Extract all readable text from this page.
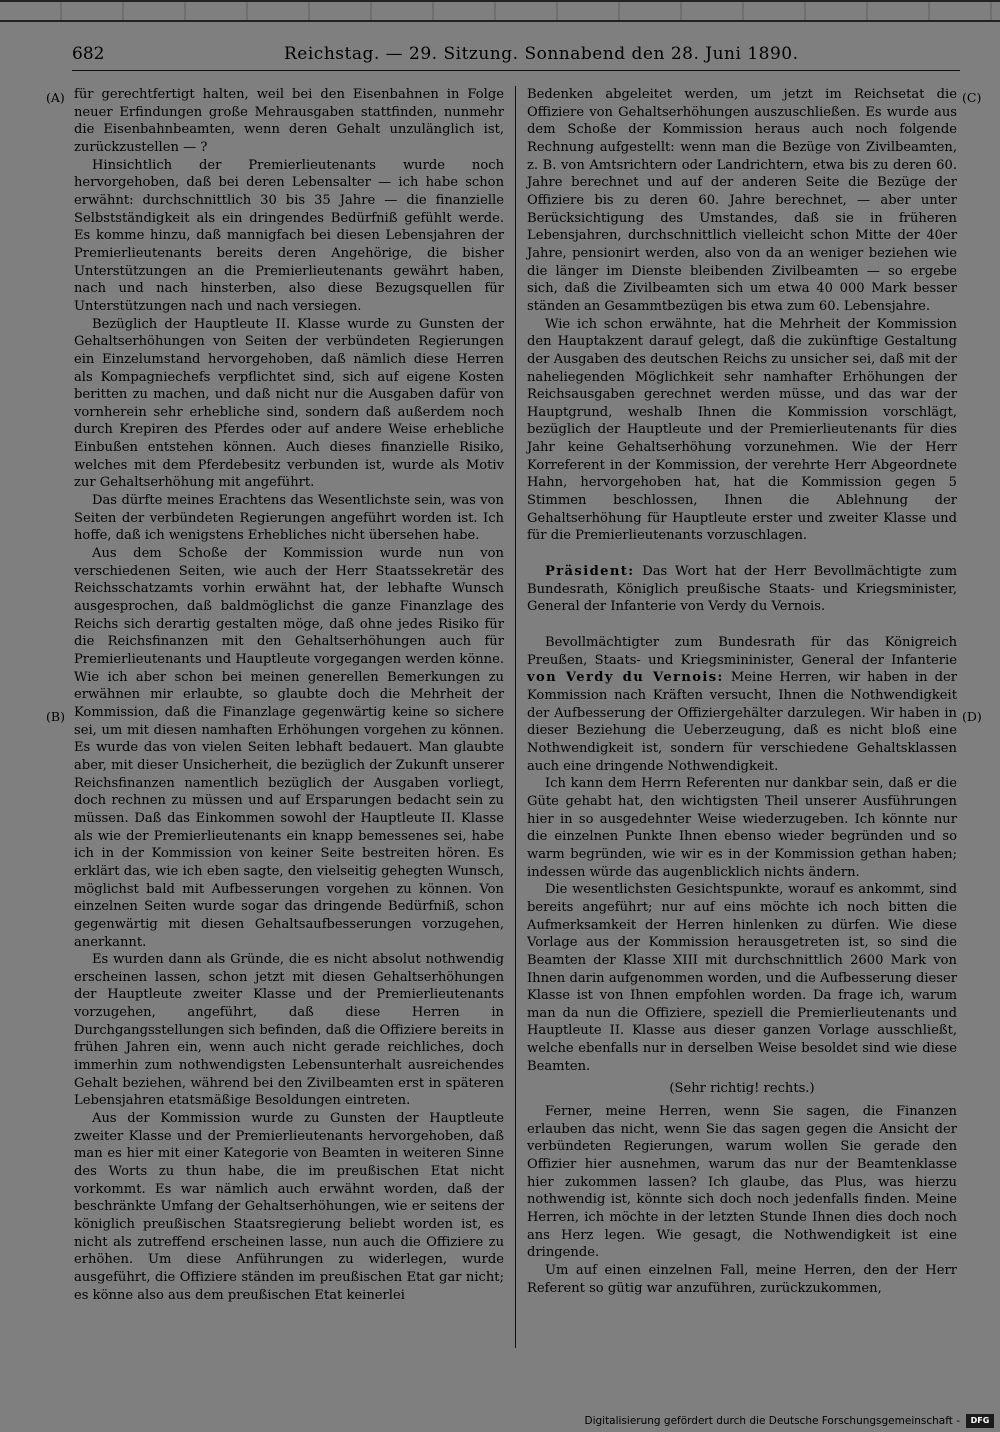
682	Reichstag. — 29. Sitzung. Sonnabend den 28. Juni 1890.
(A)
(B)
(C)
(D)

für gerechtfertigt halten, weil bei den Eisenbahnen in Folge neuer Erfindungen große Mehrausgaben stattfinden, nunmehr die Eisenbahnbeamten, wenn deren Gehalt unzulänglich ist, zurückzustellen — ?

Hinsichtlich der Premierlieutenants wurde noch hervorgehoben, daß bei deren Lebensalter — ich habe schon erwähnt: durchschnittlich 30 bis 35 Jahre — die finanzielle Selbstständigkeit als ein dringendes Bedürfniß gefühlt werde. Es komme hinzu, daß mannigfach bei diesen Lebensjahren der Premierlieutenants bereits deren Angehörige, die bisher Unterstützungen an die Premierlieutenants gewährt haben, nach und nach hinsterben, also diese Bezugsquellen für Unterstützungen nach und nach versiegen.

Bezüglich der Hauptleute II. Klasse wurde zu Gunsten der Gehaltserhöhungen von Seiten der verbündeten Regierungen ein Einzelumstand hervorgehoben, daß nämlich diese Herren als Kompagniechefs verpflichtet sind, sich auf eigene Kosten beritten zu machen, und daß nicht nur die Ausgaben dafür von vornherein sehr erhebliche sind, sondern daß außerdem noch durch Krepiren des Pferdes oder auf andere Weise erhebliche Einbußen entstehen können. Auch dieses finanzielle Risiko, welches mit dem Pferdebesitz verbunden ist, wurde als Motiv zur Gehaltserhöhung mit angeführt.

Das dürfte meines Erachtens das Wesentlichste sein, was von Seiten der verbündeten Regierungen angeführt worden ist. Ich hoffe, daß ich wenigstens Erhebliches nicht übersehen habe.

Aus dem Schoße der Kommission wurde nun von verschiedenen Seiten, wie auch der Herr Staatssekretär des Reichsschatzamts vorhin erwähnt hat, der lebhafte Wunsch ausgesprochen, daß baldmöglichst die ganze Finanzlage des Reichs sich derartig gestalten möge, daß ohne jedes Risiko für die Reichsfinanzen mit den Gehaltserhöhungen auch für Premierlieutenants und Hauptleute vorgegangen werden könne. Wie ich aber schon bei meinen generellen Bemerkungen zu erwähnen mir erlaubte, so glaubte doch die Mehrheit der Kommission, daß die Finanzlage gegenwärtig keine so sichere sei, um mit diesen namhaften Erhöhungen vorgehen zu können. Es wurde das von vielen Seiten lebhaft bedauert. Man glaubte aber, mit dieser Unsicherheit, die bezüglich der Zukunft unserer Reichsfinanzen namentlich bezüglich der Ausgaben vorliegt, doch rechnen zu müssen und auf Ersparungen bedacht sein zu müssen. Daß das Einkommen sowohl der Hauptleute II. Klasse als wie der Premierlieutenants ein knapp bemessenes sei, habe ich in der Kommission von keiner Seite bestreiten hören. Es erklärt das, wie ich eben sagte, den vielseitig gehegten Wunsch, möglichst bald mit Aufbesserungen vorgehen zu können. Von einzelnen Seiten wurde sogar das dringende Bedürfniß, schon gegenwärtig mit diesen Gehaltsaufbesserungen vorzugehen, anerkannt.

Es wurden dann als Gründe, die es nicht absolut nothwendig erscheinen lassen, schon jetzt mit diesen Gehaltserhöhungen der Hauptleute zweiter Klasse und der Premierlieutenants vorzugehen, angeführt, daß diese Herren in Durchgangsstellungen sich befinden, daß die Offiziere bereits in frühen Jahren ein, wenn auch nicht gerade reichliches, doch immerhin zum nothwendigsten Lebensunterhalt ausreichendes Gehalt beziehen, während bei den Zivilbeamten erst in späteren Lebensjahren etatsmäßige Besoldungen eintreten.

Aus der Kommission wurde zu Gunsten der Hauptleute zweiter Klasse und der Premierlieutenants hervorgehoben, daß man es hier mit einer Kategorie von Beamten in weiteren Sinne des Worts zu thun habe, die im preußischen Etat nicht vorkommt. Es war nämlich auch erwähnt worden, daß der beschränkte Umfang der Gehaltserhöhungen, wie er seitens der königlich preußischen Staatsregierung beliebt worden ist, es nicht als zutreffend erscheinen lasse, nun auch die Offiziere zu erhöhen. Um diese Anführungen zu widerlegen, wurde ausgeführt, die Offiziere ständen im preußischen Etat gar nicht; es könne also aus dem preußischen Etat keinerlei

Bedenken abgeleitet werden, um jetzt im Reichsetat die Offiziere von Gehaltserhöhungen auszuschließen. Es wurde aus dem Schoße der Kommission heraus auch noch folgende Rechnung aufgestellt: wenn man die Bezüge von Zivilbeamten, z. B. von Amtsrichtern oder Landrichtern, etwa bis zu deren 60. Jahre berechnet und auf der anderen Seite die Bezüge der Offiziere bis zu deren 60. Jahre berechnet, — aber unter Berücksichtigung des Umstandes, daß sie in früheren Lebensjahren, durchschnittlich vielleicht schon Mitte der 40er Jahre, pensionirt werden, also von da an weniger beziehen wie die länger im Dienste bleibenden Zivilbeamten — so ergebe sich, daß die Zivilbeamten sich um etwa 40 000 Mark besser ständen an Gesammtbezügen bis etwa zum 60. Lebensjahre.

Wie ich schon erwähnte, hat die Mehrheit der Kommission den Hauptakzent darauf gelegt, daß die zukünftige Gestaltung der Ausgaben des deutschen Reichs zu unsicher sei, daß mit der naheliegenden Möglichkeit sehr namhafter Erhöhungen der Reichsausgaben gerechnet werden müsse, und das war der Hauptgrund, weshalb Ihnen die Kommission vorschlägt, bezüglich der Hauptleute und der Premierlieutenants für dies Jahr keine Gehaltserhöhung vorzunehmen. Wie der Herr Korreferent in der Kommission, der verehrte Herr Abgeordnete Hahn, hervorgehoben hat, hat die Kommission gegen 5 Stimmen beschlossen, Ihnen die Ablehnung der Gehaltserhöhung für Hauptleute erster und zweiter Klasse und für die Premierlieutenants vorzuschlagen.

Präsident: Das Wort hat der Herr Bevollmächtigte zum Bundesrath, Königlich preußische Staats- und Kriegsminister, General der Infanterie von Verdy du Vernois.

Bevollmächtigter zum Bundesrath für das Königreich Preußen, Staats- und Kriegsmininister, General der Infanterie von Verdy du Vernois: Meine Herren, wir haben in der Kommission nach Kräften versucht, Ihnen die Nothwendigkeit der Aufbesserung der Offiziergehälter darzulegen. Wir haben in dieser Beziehung die Ueberzeugung, daß es nicht bloß eine Nothwendigkeit ist, sondern für verschiedene Gehaltsklassen auch eine dringende Nothwendigkeit.

Ich kann dem Herrn Referenten nur dankbar sein, daß er die Güte gehabt hat, den wichtigsten Theil unserer Ausführungen hier in so ausgedehnter Weise wiederzugeben. Ich könnte nur die einzelnen Punkte Ihnen ebenso wieder begründen und so warm begründen, wie wir es in der Kommission gethan haben; indessen würde das augenblicklich nichts ändern.

Die wesentlichsten Gesichtspunkte, worauf es ankommt, sind bereits angeführt; nur auf eins möchte ich noch bitten die Aufmerksamkeit der Herren hinlenken zu dürfen. Wie diese Vorlage aus der Kommission herausgetreten ist, so sind die Beamten der Klasse XIII mit durchschnittlich 2600 Mark von Ihnen darin aufgenommen worden, und die Aufbesserung dieser Klasse ist von Ihnen empfohlen worden. Da frage ich, warum man da nun die Offiziere, speziell die Premierlieutenants und Hauptleute II. Klasse aus dieser ganzen Vorlage ausschließt, welche ebenfalls nur in derselben Weise besoldet sind wie diese Beamten.

(Sehr richtig! rechts.)

Ferner, meine Herren, wenn Sie sagen, die Finanzen erlauben das nicht, wenn Sie das sagen gegen die Ansicht der verbündeten Regierungen, warum wollen Sie gerade den Offizier hier ausnehmen, warum das nur der Beamtenklasse hier zukommen lassen? Ich glaube, das Plus, was hierzu nothwendig ist, könnte sich doch noch jedenfalls finden. Meine Herren, ich möchte in der letzten Stunde Ihnen dies doch noch ans Herz legen. Wie gesagt, die Nothwendigkeit ist eine dringende.

Um auf einen einzelnen Fall, meine Herren, den der Herr Referent so gütig war anzuführen, zurückzukommen,

Digitalisierung gefördert durch die Deutsche Forschungsgemeinschaft -	DFG
